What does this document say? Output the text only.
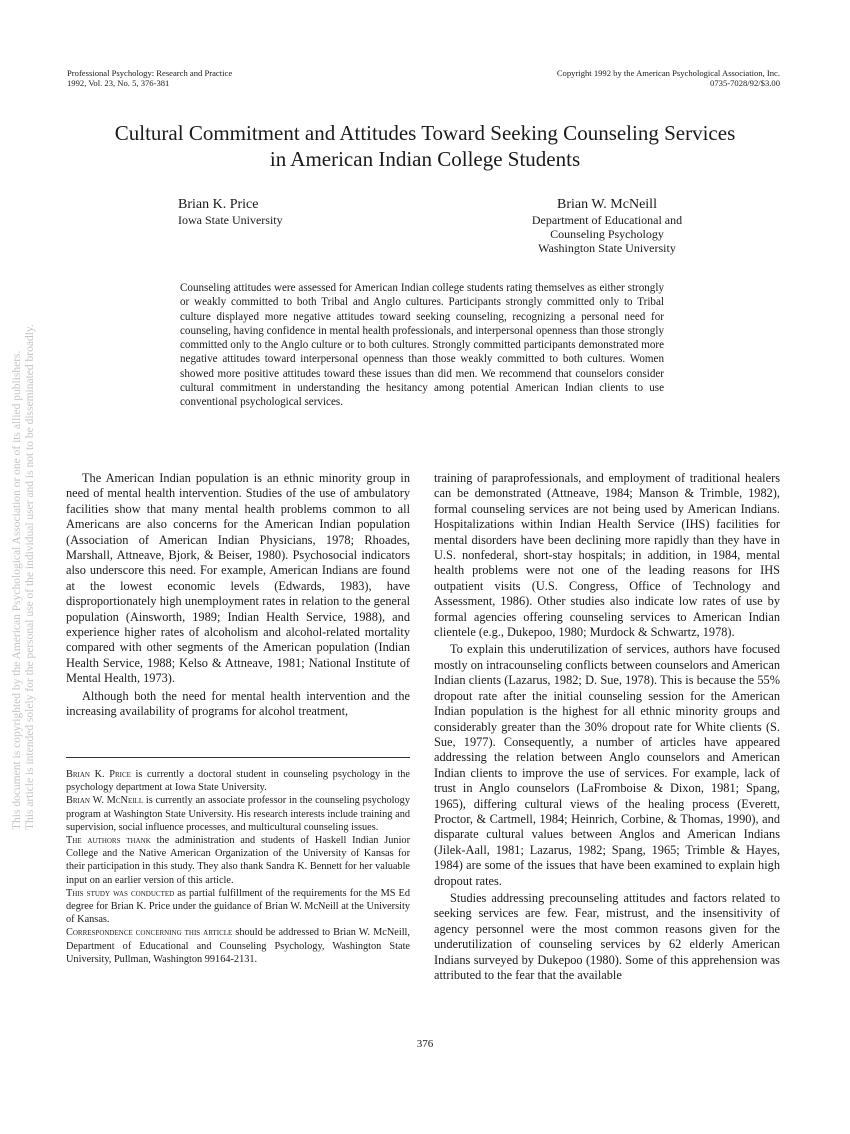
Professional Psychology: Research and Practice
1992, Vol. 23, No. 5, 376-381
Copyright 1992 by the American Psychological Association, Inc.
0735-7028/92/$3.00
Cultural Commitment and Attitudes Toward Seeking Counseling Services
in American Indian College Students
Brian K. Price
Iowa State University
Brian W. McNeill
Department of Educational and
Counseling Psychology
Washington State University
Counseling attitudes were assessed for American Indian college students rating themselves as either strongly or weakly committed to both Tribal and Anglo cultures. Participants strongly committed only to Tribal culture displayed more negative attitudes toward seeking counseling, recognizing a personal need for counseling, having confidence in mental health professionals, and interpersonal openness than those strongly committed only to the Anglo culture or to both cultures. Strongly committed participants demonstrated more negative attitudes toward interpersonal openness than those weakly committed to both cultures. Women showed more positive attitudes toward these issues than did men. We recommend that counselors consider cultural commitment in understanding the hesitancy among potential American Indian clients to use conventional psychological services.

The American Indian population is an ethnic minority group in need of mental health intervention. Studies of the use of ambulatory facilities show that many mental health problems common to all Americans are also concerns for the American Indian population (Association of American Indian Physicians, 1978; Rhoades, Marshall, Attneave, Bjork, & Beiser, 1980). Psychosocial indicators also underscore this need. For example, American Indians are found at the lowest economic levels (Edwards, 1983), have disproportionately high unemployment rates in relation to the general population (Ainsworth, 1989; Indian Health Service, 1988), and experience higher rates of alcoholism and alcohol-related mortality compared with other segments of the American population (Indian Health Service, 1988; Kelso & Attneave, 1981; National Institute of Mental Health, 1973).

Although both the need for mental health intervention and the increasing availability of programs for alcohol treatment,

Brian K. Price is currently a doctoral student in counseling psychology in the psychology department at Iowa State University.

Brian W. McNeill is currently an associate professor in the counseling psychology program at Washington State University. His research interests include training and supervision, social influence processes, and multicultural counseling issues.

The authors thank the administration and students of Haskell Indian Junior College and the Native American Organization of the University of Kansas for their participation in this study. They also thank Sandra K. Bennett for her valuable input on an earlier version of this article.

This study was conducted as partial fulfillment of the requirements for the MS Ed degree for Brian K. Price under the guidance of Brian W. McNeill at the University of Kansas.

Correspondence concerning this article should be addressed to Brian W. McNeill, Department of Educational and Counseling Psychology, Washington State University, Pullman, Washington 99164-2131.

training of paraprofessionals, and employment of traditional healers can be demonstrated (Attneave, 1984; Manson & Trimble, 1982), formal counseling services are not being used by American Indians. Hospitalizations within Indian Health Service (IHS) facilities for mental disorders have been declining more rapidly than they have in U.S. nonfederal, short-stay hospitals; in addition, in 1984, mental health problems were not one of the leading reasons for IHS outpatient visits (U.S. Congress, Office of Technology and Assessment, 1986). Other studies also indicate low rates of use by formal agencies offering counseling services to American Indian clientele (e.g., Dukepoo, 1980; Murdock & Schwartz, 1978).

To explain this underutilization of services, authors have focused mostly on intracounseling conflicts between counselors and American Indian clients (Lazarus, 1982; D. Sue, 1978). This is because the 55% dropout rate after the initial counseling session for the American Indian population is the highest for all ethnic minority groups and considerably greater than the 30% dropout rate for White clients (S. Sue, 1977). Consequently, a number of articles have appeared addressing the relation between Anglo counselors and American Indian clients to improve the use of services. For example, lack of trust in Anglo counselors (LaFromboise & Dixon, 1981; Spang, 1965), differing cultural views of the healing process (Everett, Proctor, & Cartmell, 1984; Heinrich, Corbine, & Thomas, 1990), and disparate cultural values between Anglos and American Indians (Jilek-Aall, 1981; Lazarus, 1982; Spang, 1965; Trimble & Hayes, 1984) are some of the issues that have been examined to explain high dropout rates.

Studies addressing precounseling attitudes and factors related to seeking services are few. Fear, mistrust, and the insensitivity of agency personnel were the most common reasons given for the underutilization of counseling services by 62 elderly American Indians surveyed by Dukepoo (1980). Some of this apprehension was attributed to the fear that the available

376
This document is copyrighted by the American Psychological Association or one of its allied publishers. This article is intended solely for the personal use of the individual user and is not to be disseminated broadly.
